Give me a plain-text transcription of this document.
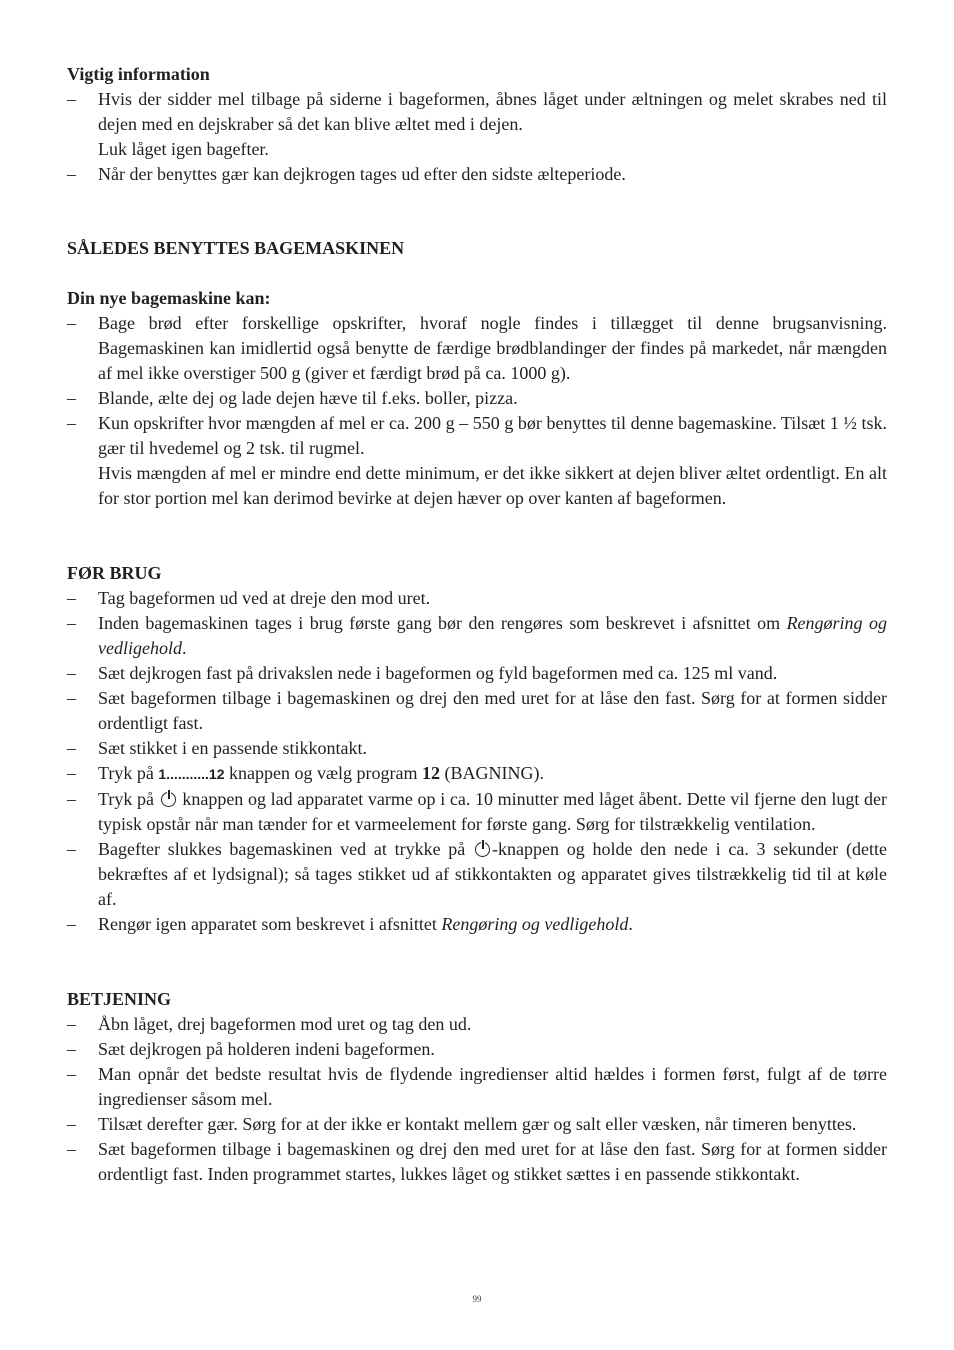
Vigtig information
–	Hvis der sidder mel tilbage på siderne i bageformen, åbnes låget under æltningen og melet skrabes ned til dejen med en dejskraber så det kan blive æltet med i dejen.
Luk låget igen bagefter.
–	Når der benyttes gær kan dejkrogen tages ud efter den sidste ælteperiode.
SÅLEDES BENYTTES BAGEMASKINEN
Din nye bagemaskine kan:
–	Bage brød efter forskellige opskrifter, hvoraf nogle findes i tillægget til denne brugsanvisning. Bagemaskinen kan imidlertid også benytte de færdige brødblandinger der findes på markedet, når mængden af mel ikke overstiger 500 g (giver et færdigt brød på ca. 1000 g).
–	Blande, ælte dej og lade dejen hæve til f.eks. boller, pizza.
–	Kun opskrifter hvor mængden af mel er ca. 200 g – 550 g bør benyttes til denne bagemaskine. Tilsæt 1 ½ tsk. gær til hvedemel og 2 tsk. til rugmel.
Hvis mængden af mel er mindre end dette minimum, er det ikke sikkert at dejen bliver æltet ordentligt. En alt for stor portion mel kan derimod bevirke at dejen hæver op over kanten af bageformen.
FØR BRUG
–	Tag bageformen ud ved at dreje den mod uret.
–	Inden bagemaskinen tages i brug første gang bør den rengøres som beskrevet i afsnittet om Rengøring og vedligehold.
–	Sæt dejkrogen fast på drivakslen nede i bageformen og fyld bageformen med ca. 125 ml vand.
–	Sæt bageformen tilbage i bagemaskinen og drej den med uret for at låse den fast. Sørg for at formen sidder ordentligt fast.
–	Sæt stikket i en passende stikkontakt.
–	Tryk på 1...........12 knappen og vælg program 12 (BAGNING).
–	Tryk på  knappen og lad apparatet varme op i ca. 10 minutter med låget åbent. Dette vil fjerne den lugt der typisk opstår når man tænder for et varmeelement for første gang. Sørg for tilstrækkelig ventilation.
–	Bagefter slukkes bagemaskinen ved at trykke på -knappen og holde den nede i ca. 3 sekunder (dette bekræftes af et lydsignal); så tages stikket ud af stikkontakten og apparatet gives tilstrækkelig tid til at køle af.
–	Rengør igen apparatet som beskrevet i afsnittet Rengøring og vedligehold.
BETJENING
–	Åbn låget, drej bageformen mod uret og tag den ud.
–	Sæt dejkrogen på holderen indeni bageformen.
–	Man opnår det bedste resultat hvis de flydende ingredienser altid hældes i formen først, fulgt af de tørre ingredienser såsom mel.
–	Tilsæt derefter gær. Sørg for at der ikke er kontakt mellem gær og salt eller væsken, når timeren benyttes.
–	Sæt bageformen tilbage i bagemaskinen og drej den med uret for at låse den fast. Sørg for at formen sidder ordentligt fast. Inden programmet startes, lukkes låget og stikket sættes i en passende stikkontakt.
99
